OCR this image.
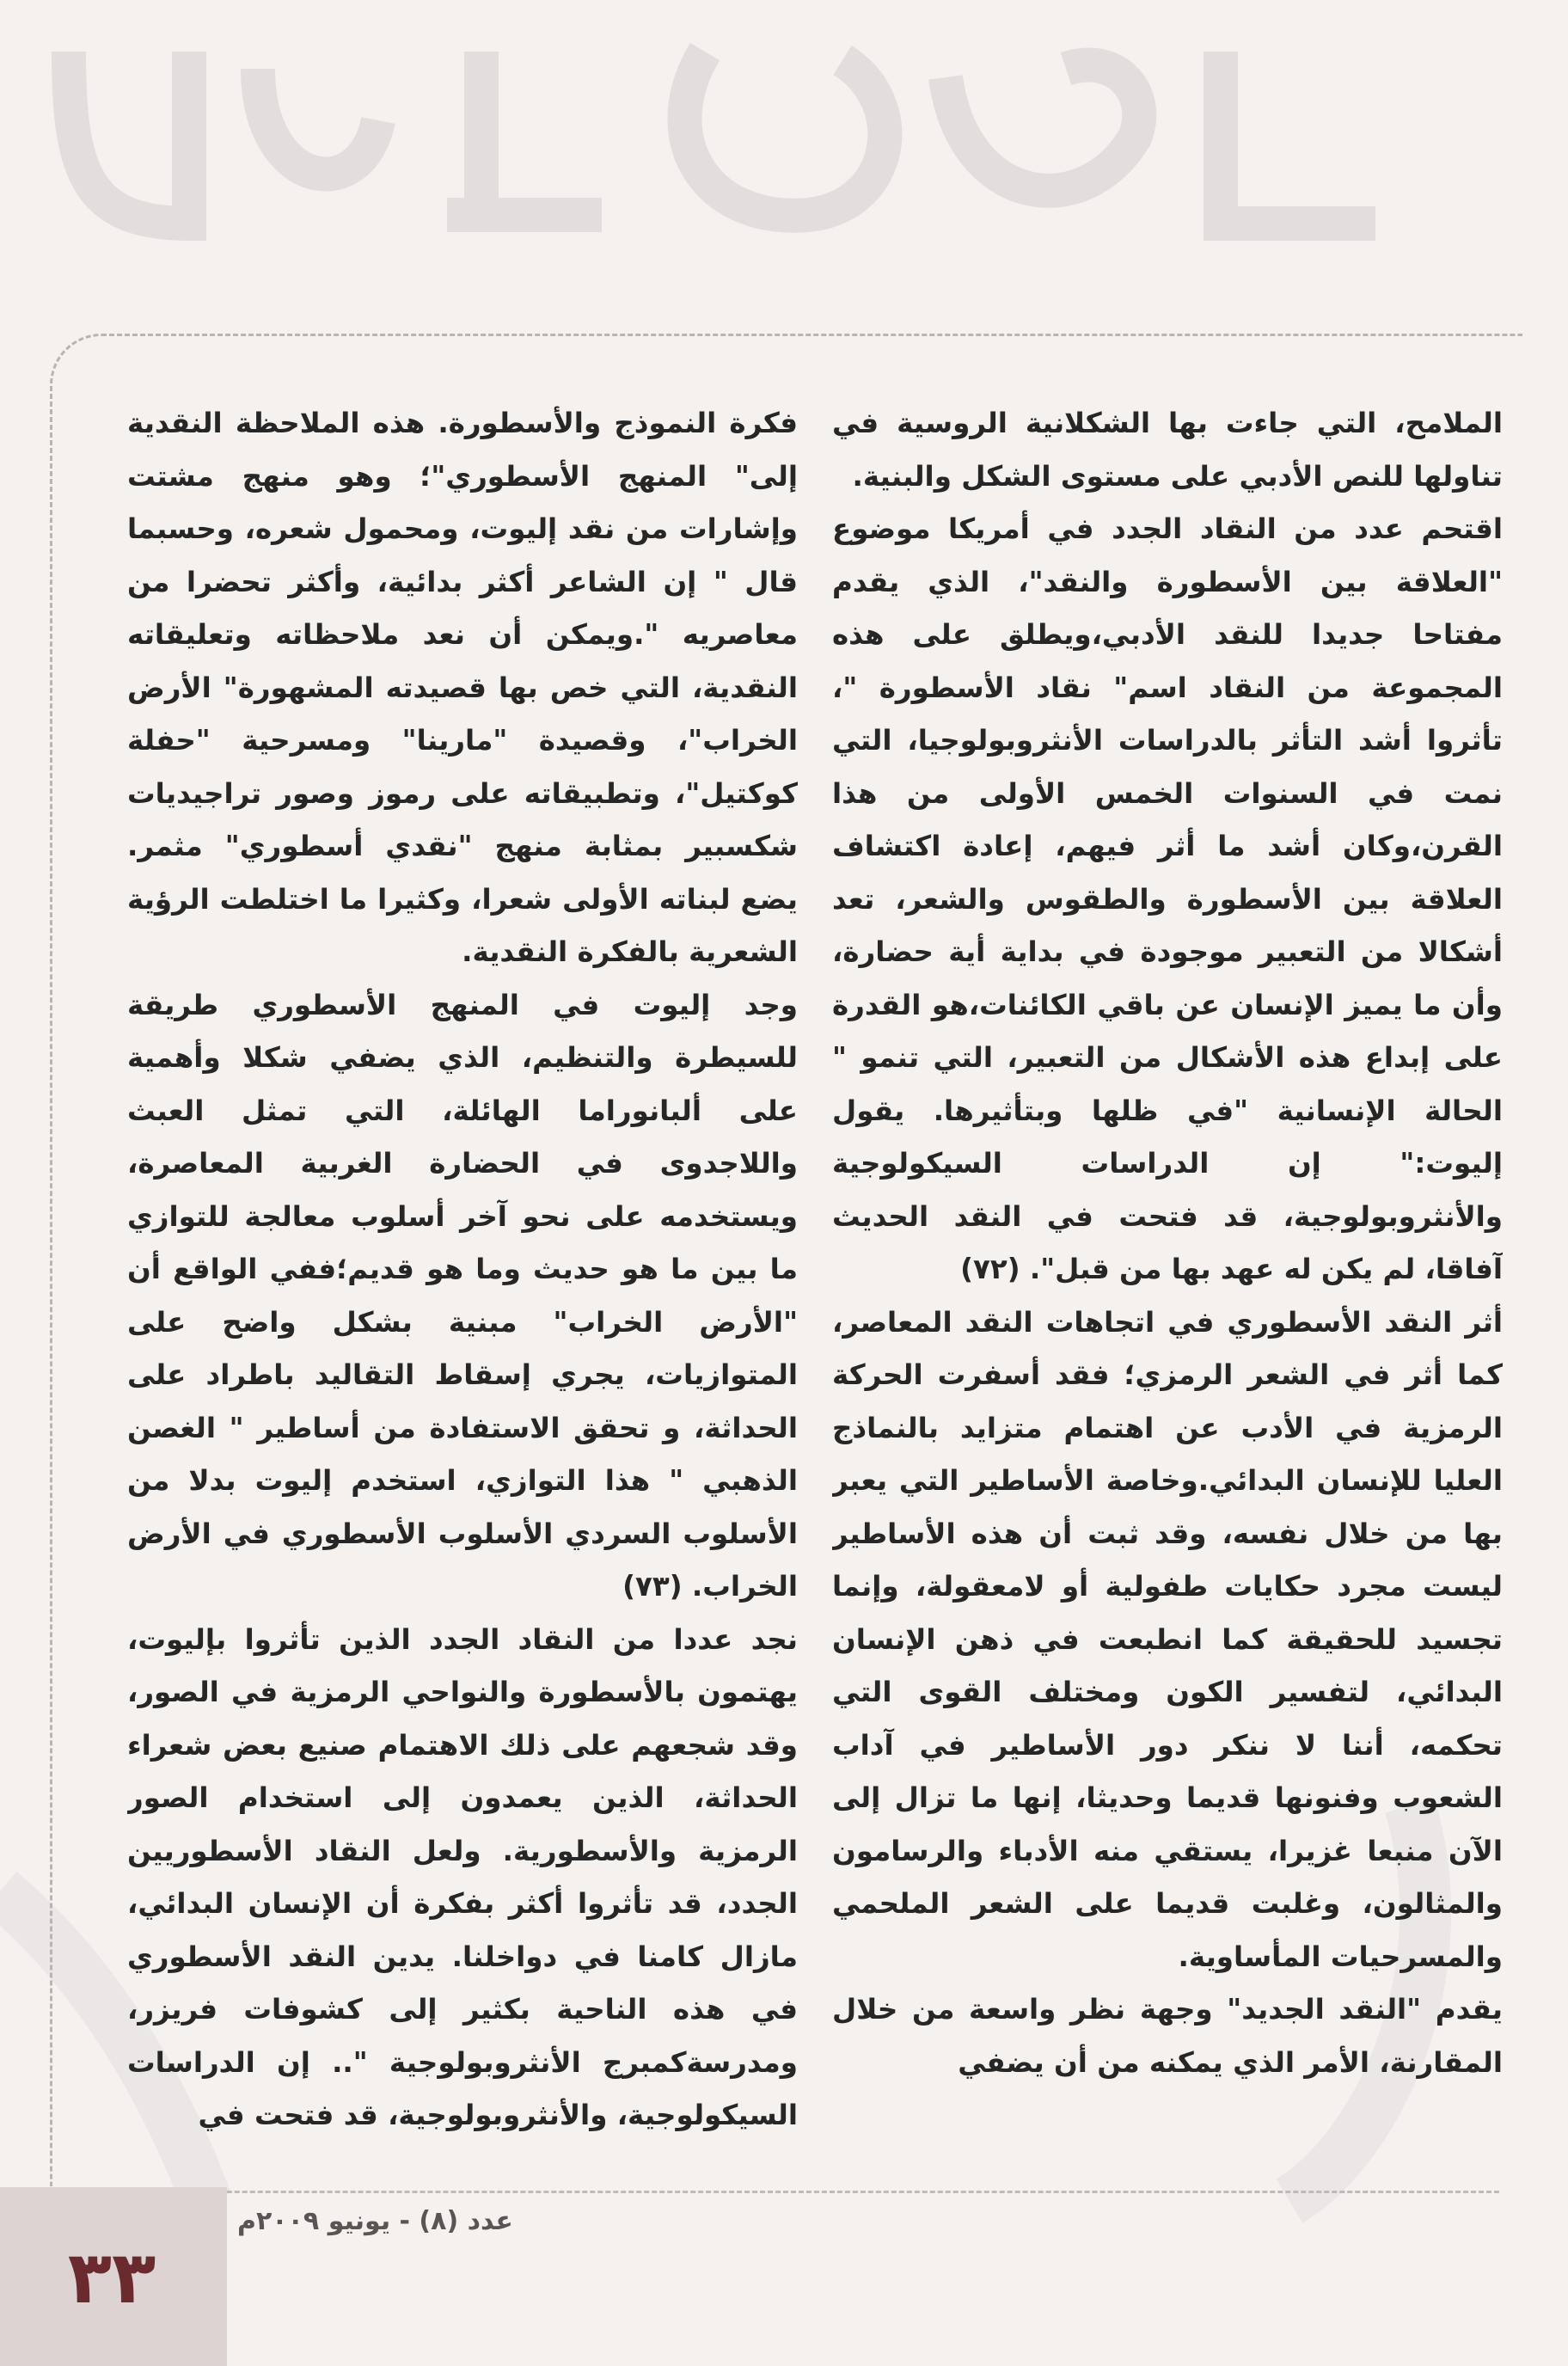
الملامح، التي جاءت بها الشكلانية الروسية في تناولها للنص الأدبي على مستوى الشكل والبنية.

اقتحم عدد من النقاد الجدد في أمريكا موضوع "العلاقة بين الأسطورة والنقد"، الذي يقدم مفتاحا جديدا للنقد الأدبي،ويطلق على هذه المجموعة من النقاد اسم" نقاد الأسطورة "، تأثروا أشد التأثر بالدراسات الأنثروبولوجيا، التي نمت في السنوات الخمس الأولى من هذا القرن،وكان أشد ما أثر فيهم، إعادة اكتشاف العلاقة بين الأسطورة والطقوس والشعر، تعد أشكالا من التعبير موجودة في بداية أية حضارة، وأن ما يميز الإنسان عن باقي الكائنات،هو القدرة على إبداع هذه الأشكال من التعبير، التي تنمو " الحالة الإنسانية "في ظلها وبتأثيرها. يقول إليوت:" إن الدراسات السيكولوجية والأنثروبولوجية، قد فتحت في النقد الحديث آفاقا، لم يكن له عهد بها من قبل". (٧٢)

أثر النقد الأسطوري في اتجاهات النقد المعاصر، كما أثر في الشعر الرمزي؛ فقد أسفرت الحركة الرمزية في الأدب عن اهتمام متزايد بالنماذج العليا للإنسان البدائي.وخاصة الأساطير التي يعبر بها من خلال نفسه، وقد ثبت أن هذه الأساطير ليست مجرد حكايات طفولية أو لامعقولة، وإنما تجسيد للحقيقة كما انطبعت في ذهن الإنسان البدائي، لتفسير الكون ومختلف القوى التي تحكمه، أننا لا ننكر دور الأساطير في آداب الشعوب وفنونها قديما وحديثا، إنها ما تزال إلى الآن منبعا غزيرا، يستقي منه الأدباء والرسامون والمثالون، وغلبت قديما على الشعر الملحمي والمسرحيات المأساوية.

يقدم "النقد الجديد" وجهة نظر واسعة من خلال المقارنة، الأمر الذي يمكنه من أن يضفي

فكرة النموذج والأسطورة. هذه الملاحظة النقدية إلى" المنهج الأسطوري"؛ وهو منهج مشتت وإشارات من نقد إليوت، ومحمول شعره، وحسبما قال " إن الشاعر أكثر بدائية، وأكثر تحضرا من معاصريه ".ويمكن أن نعد ملاحظاته وتعليقاته النقدية، التي خص بها قصيدته المشهورة" الأرض الخراب"، وقصيدة "مارينا" ومسرحية "حفلة كوكتيل"، وتطبيقاته على رموز وصور تراجيديات شكسبير بمثابة منهج "نقدي أسطوري" مثمر. يضع لبناته الأولى شعرا، وكثيرا ما اختلطت الرؤية الشعرية بالفكرة النقدية.

وجد إليوت في المنهج الأسطوري طريقة للسيطرة والتنظيم، الذي يضفي شكلا وأهمية على ألبانوراما الهائلة، التي تمثل العبث واللاجدوى في الحضارة الغربية المعاصرة، ويستخدمه على نحو آخر أسلوب معالجة للتوازي ما بين ما هو حديث وما هو قديم؛ففي الواقع أن "الأرض الخراب" مبنية بشكل واضح على المتوازيات، يجري إسقاط التقاليد باطراد على الحداثة، و تحقق الاستفادة من أساطير " الغصن الذهبي " هذا التوازي، استخدم إليوت بدلا من الأسلوب السردي الأسلوب الأسطوري في الأرض الخراب. (٧٣)

نجد عددا من النقاد الجدد الذين تأثروا بإليوت، يهتمون بالأسطورة والنواحي الرمزية في الصور، وقد شجعهم على ذلك الاهتمام صنيع بعض شعراء الحداثة، الذين يعمدون إلى استخدام الصور الرمزية والأسطورية. ولعل النقاد الأسطوريين الجدد، قد تأثروا أكثر بفكرة أن الإنسان البدائي، مازال كامنا في دواخلنا. يدين النقد الأسطوري في هذه الناحية بكثير إلى كشوفات فريزر، ومدرسةكمبرج الأنثروبولوجية ".. إن الدراسات السيكولوجية، والأنثروبولوجية، قد فتحت في

عدد (٨) - يونيو ٢٠٠٩م
٣٣
